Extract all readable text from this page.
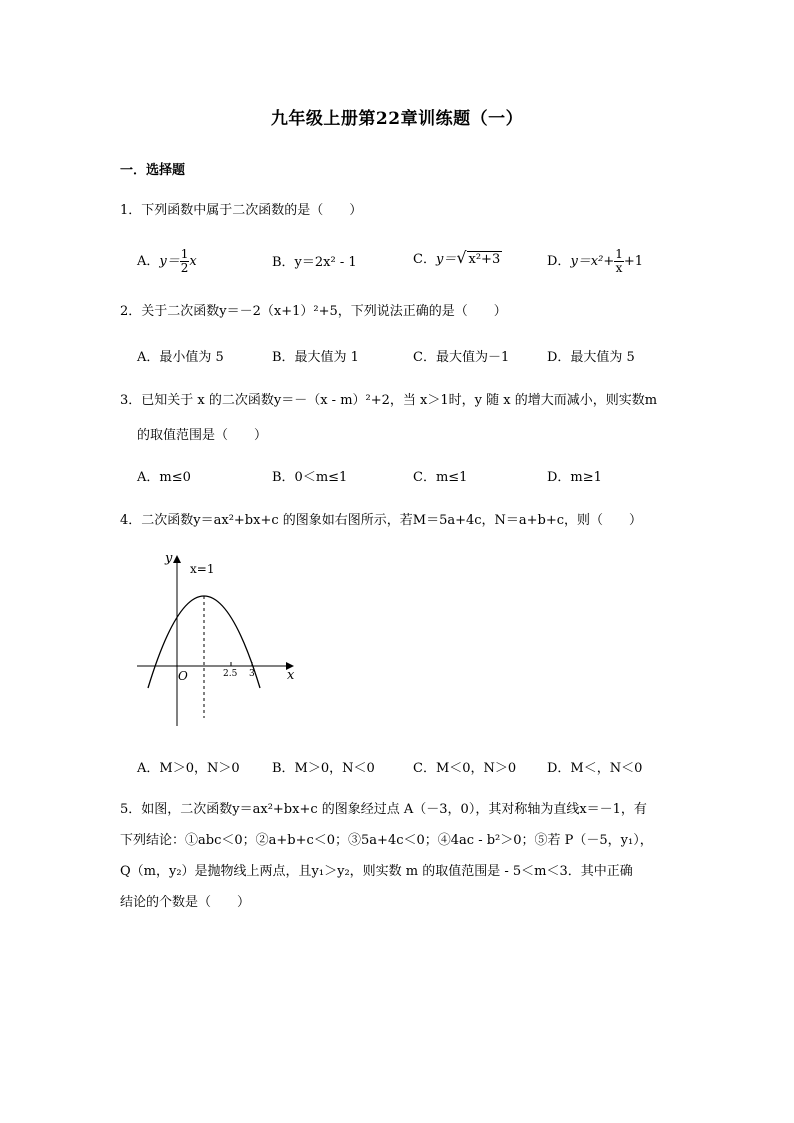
九年级上册第22章训练题（一）
一．选择题
1．下列函数中属于二次函数的是（　　）
A．$y= \frac{1}{2}$ x	B．y＝2x² - 1	C．y＝√ x²+3	D．$y=x^2+ \frac{1}{x} +1$
2．关于二次函数y＝－2（x+1）²+5，下列说法正确的是（　　）
A．最小值为 5	B．最大值为 1	C．最大值为－1	D．最大值为 5
3．已知关于 x 的二次函数y＝－（x - m）²+2，当 x＞1时，y 随 x 的增大而减小，则实数m
的取值范围是（　　）
A．m≤0	B．0＜m≤1	C．m≤1	D．m≥1
4．二次函数y＝ax²+bx+c 的图象如右图所示，若M＝5a+4c，N＝a+b+c，则（　　）
y
x
O
x=1
2.5 3
A．M＞0，N＞0 B．M＞0，N＜0	C．M＜0，N＞0 D．M＜，N＜0
5．如图，二次函数y＝ax²+bx+c 的图象经过点 A（－3，0），其对称轴为直线x＝－1，有
下列结论：①abc＜0；②a+b+c＜0；③5a+4c＜0；④4ac - b²＞0；⑤若 P（－5，y₁），
Q（m，y₂）是抛物线上两点，且y₁＞y₂，则实数 m 的取值范围是 - 5＜m＜3．其中正确
结论的个数是（　　）
